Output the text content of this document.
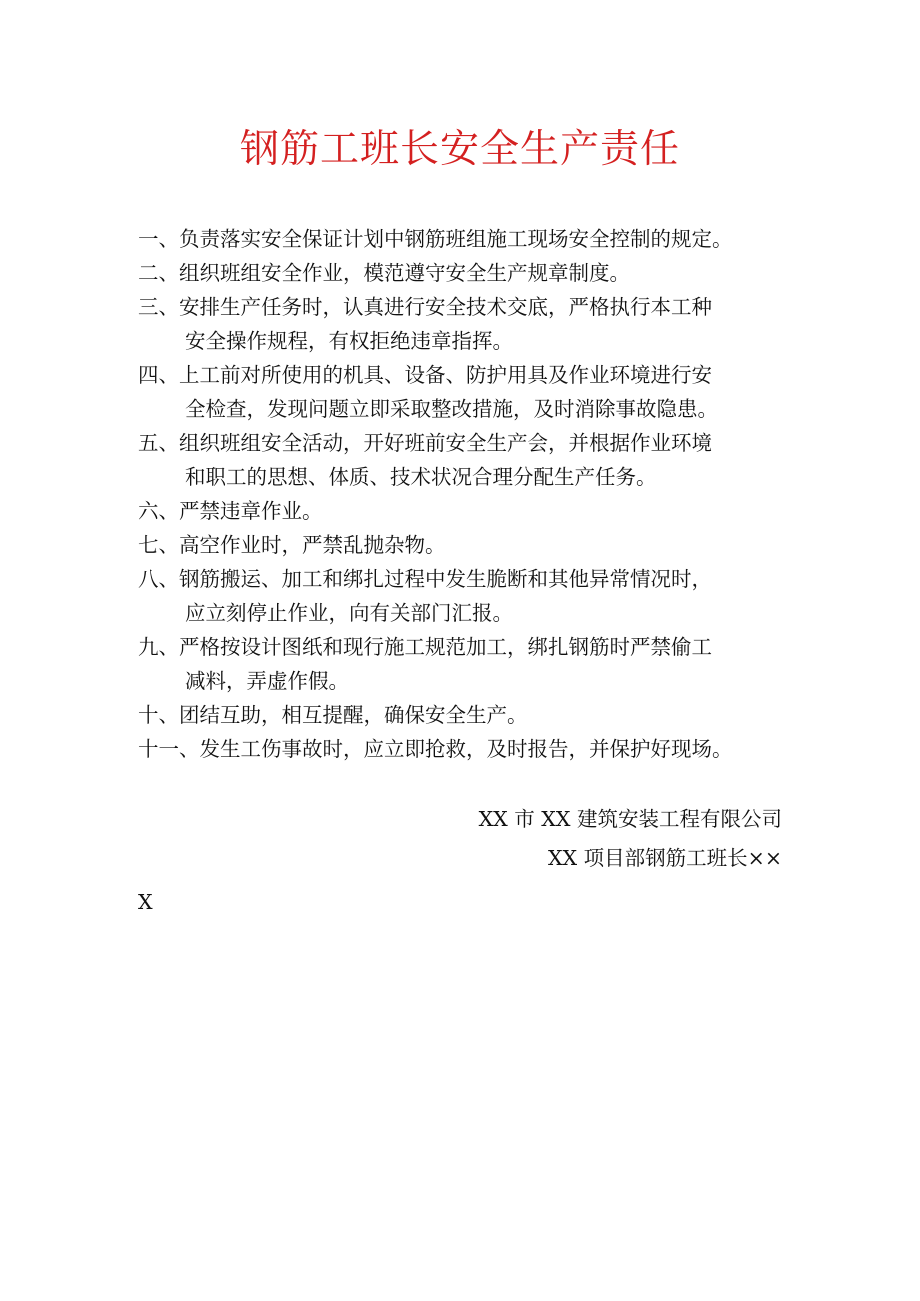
钢筋工班长安全生产责任
一、负责落实安全保证计划中钢筋班组施工现场安全控制的规定。
二、组织班组安全作业，模范遵守安全生产规章制度。
三、安排生产任务时，认真进行安全技术交底，严格执行本工种
安全操作规程，有权拒绝违章指挥。
四、上工前对所使用的机具、设备、防护用具及作业环境进行安
全检查，发现问题立即采取整改措施，及时消除事故隐患。
五、组织班组安全活动，开好班前安全生产会，并根据作业环境
和职工的思想、体质、技术状况合理分配生产任务。
六、严禁违章作业。
七、高空作业时，严禁乱抛杂物。
八、钢筋搬运、加工和绑扎过程中发生脆断和其他异常情况时，
应立刻停止作业，向有关部门汇报。
九、严格按设计图纸和现行施工规范加工，绑扎钢筋时严禁偷工
减料，弄虚作假。
十、团结互助，相互提醒，确保安全生产。
十一、发生工伤事故时，应立即抢救，及时报告，并保护好现场。
XX 市 XX 建筑安装工程有限公司
XX 项目部钢筋工班长××
X
